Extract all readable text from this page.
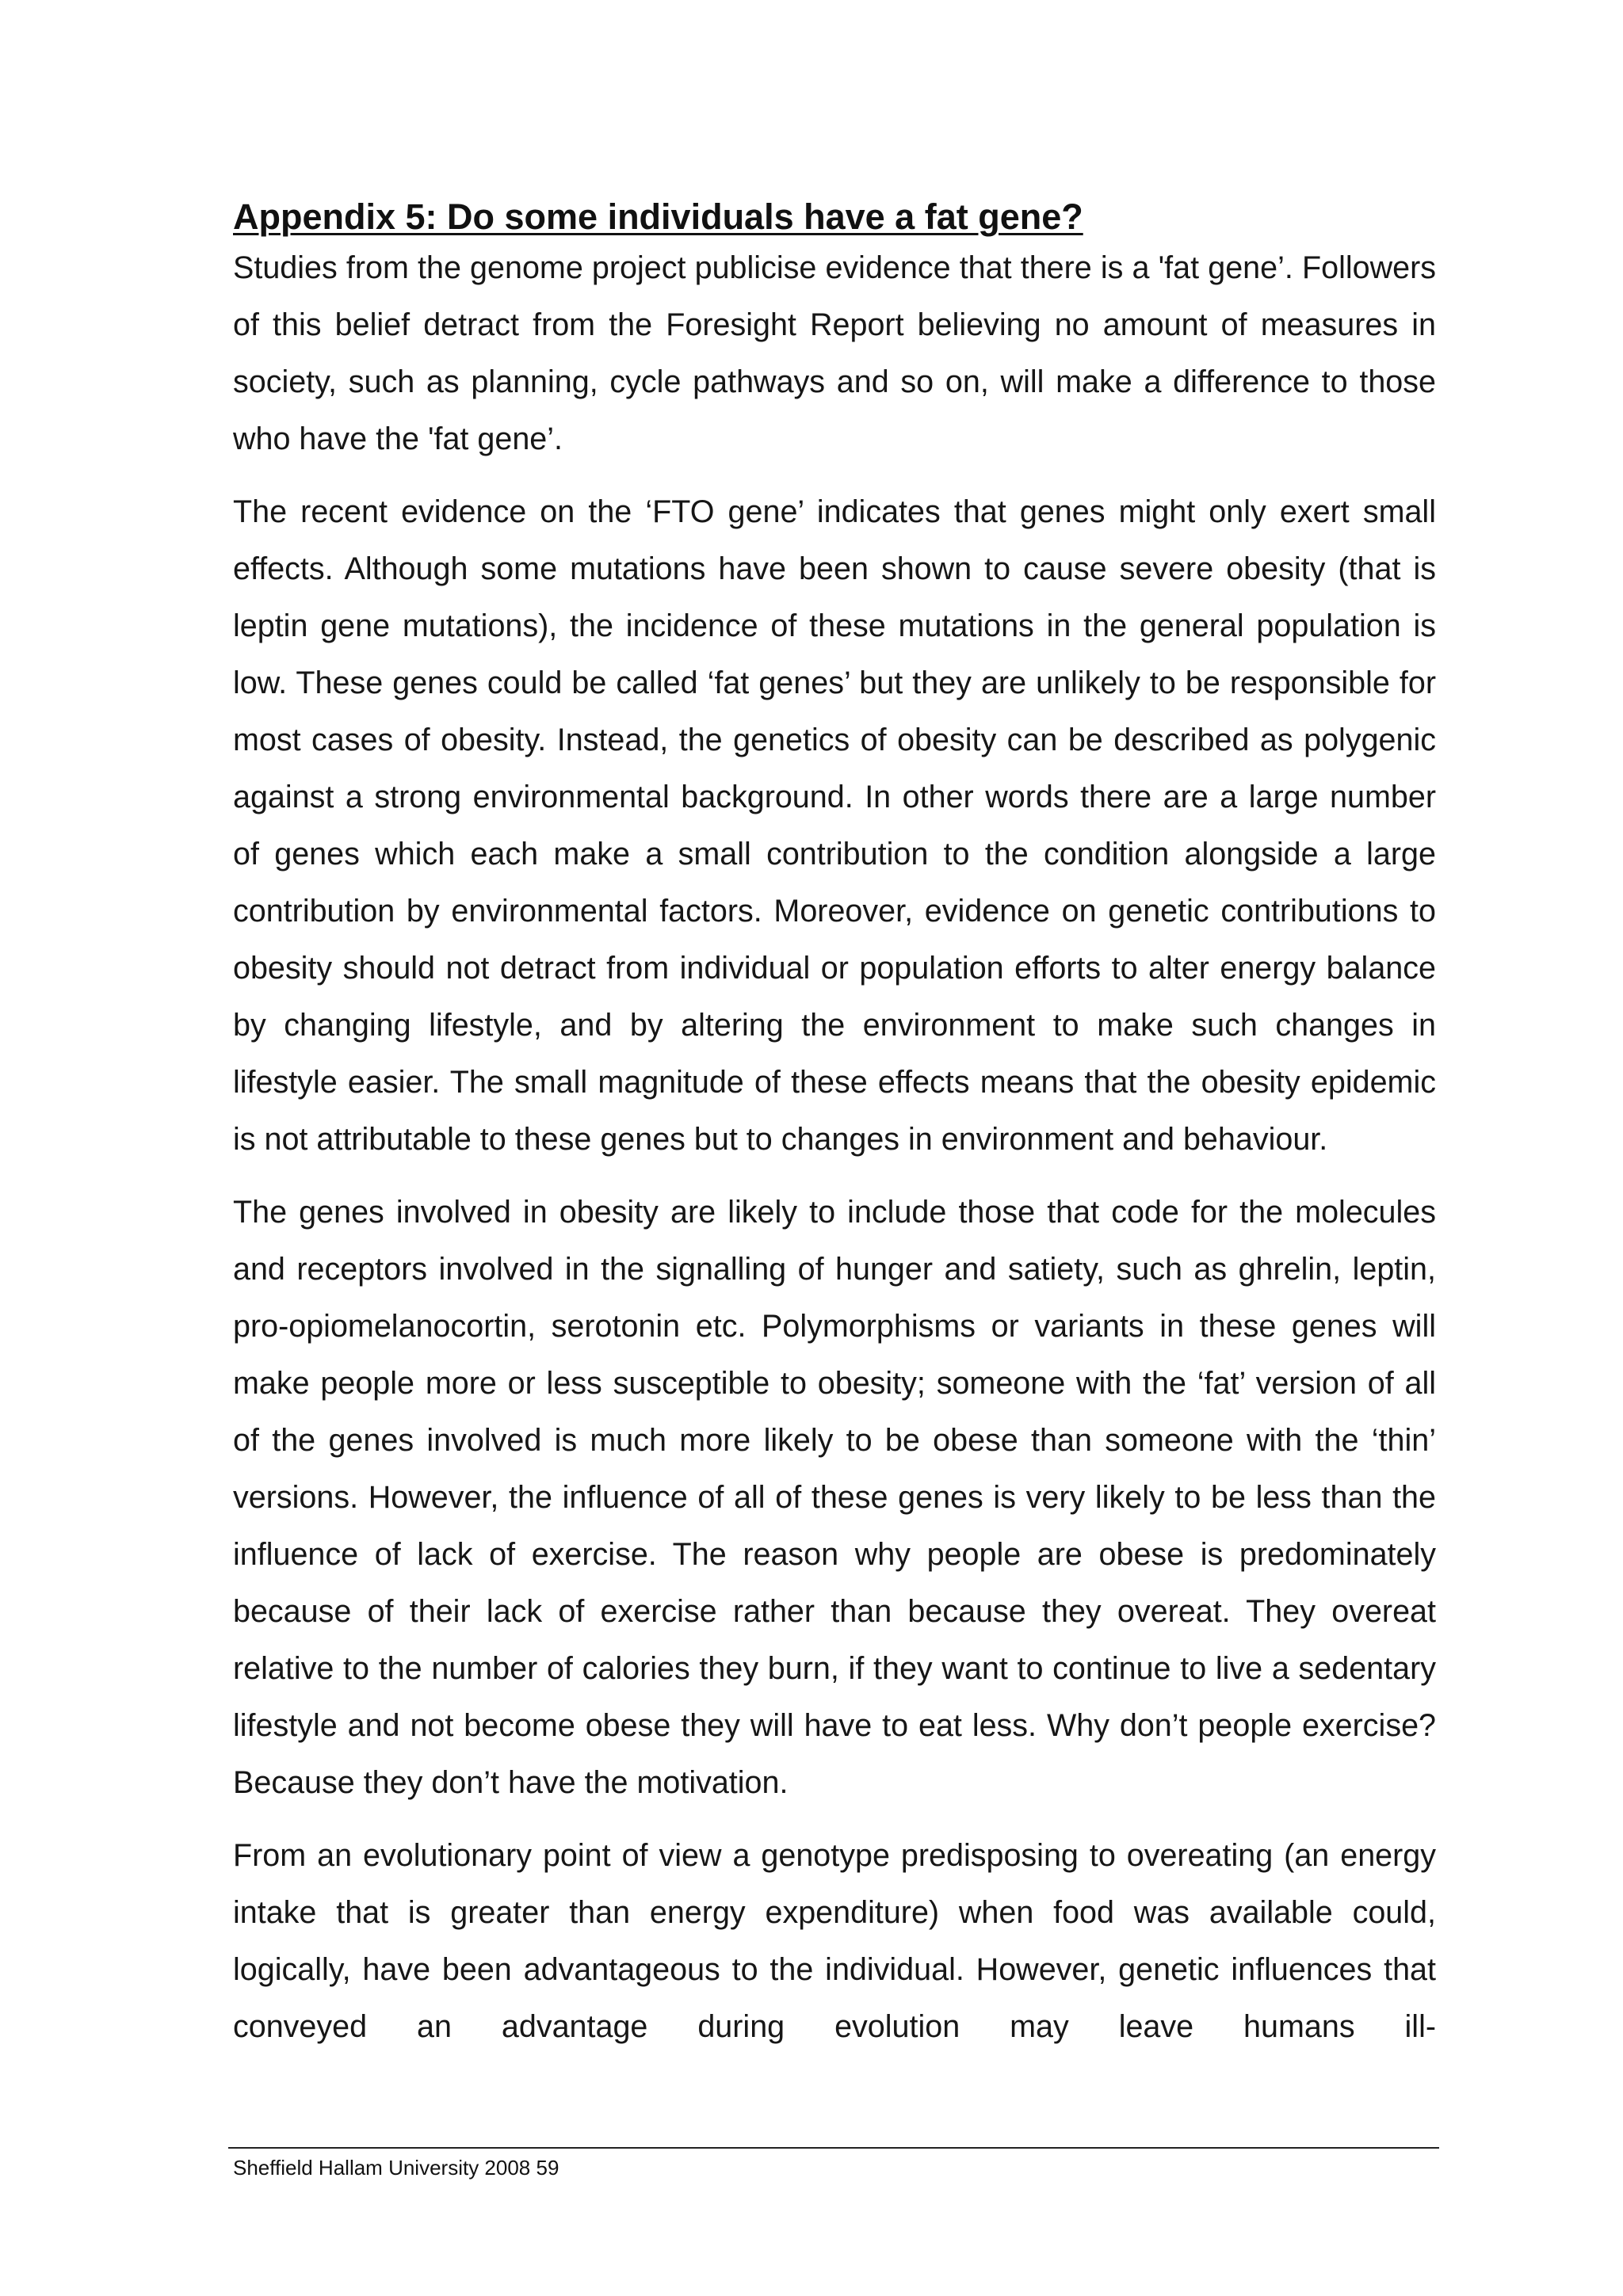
Appendix 5: Do some individuals have a fat gene?

Studies from the genome project publicise evidence that there is a 'fat gene’. Followers of this belief detract from the Foresight Report believing no amount of measures in society, such as planning, cycle pathways and so on, will make a difference to those who have the 'fat gene’.

The recent evidence on the ‘FTO gene’ indicates that genes might only exert small effects. Although some mutations have been shown to cause severe obesity (that is leptin gene mutations), the incidence of these mutations in the general population is low. These genes could be called ‘fat genes’ but they are unlikely to be responsible for most cases of obesity. Instead, the genetics of obesity can be described as polygenic against a strong environmental background. In other words there are a large number of genes which each make a small contribution to the condition alongside a large contribution by environmental factors. Moreover, evidence on genetic contributions to obesity should not detract from individual or population efforts to alter energy balance by changing lifestyle, and by altering the environment to make such changes in lifestyle easier. The small magnitude of these effects means that the obesity epidemic is not attributable to these genes but to changes in environment and behaviour.

The genes involved in obesity are likely to include those that code for the molecules and receptors involved in the signalling of hunger and satiety, such as ghrelin, leptin, pro-opiomelanocortin, serotonin etc. Polymorphisms or variants in these genes will make people more or less susceptible to obesity; someone with the ‘fat’ version of all of the genes involved is much more likely to be obese than someone with the ‘thin’ versions. However, the influence of all of these genes is very likely to be less than the influence of lack of exercise. The reason why people are obese is predominately because of their lack of exercise rather than because they overeat. They overeat relative to the number of calories they burn, if they want to continue to live a sedentary lifestyle and not become obese they will have to eat less. Why don’t people exercise? Because they don’t have the motivation.

From an evolutionary point of view a genotype predisposing to overeating (an energy intake that is greater than energy expenditure) when food was available could, logically, have been advantageous to the individual. However, genetic influences that conveyed an advantage during evolution may leave humans ill-

Sheffield Hallam University 2008 59
